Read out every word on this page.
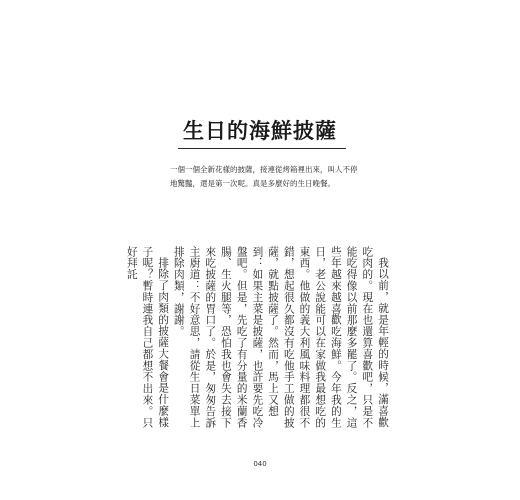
生日的海鮮披薩
一個一個全新花樣的披薩，接連從烤箱裡出來，叫人不停
地驚豔，還是第一次呢。真是多麼好的生日晚餐。

我以前，就是年輕的時候，滿喜歡吃肉的。現在也還算喜歡吧，只是不能吃得像以前那麼多罷了。反之，這些年越來越喜歡吃海鮮。今年我的生日，老公說能可以在家做我最想吃的東西。他做的義大利風味料理都很不錯，想起很久都沒有吃他手工做的披薩，就點披薩了。然而，馬上又想到：如果主菜是披薩，也許要先吃冷盤吧。但是，先吃了有分量的米蘭香腸、生火腿等，恐怕我也會失去接下來吃披薩的胃口了。於是，匆匆告訴主廚道：不好意思，請從生日菜單上排除肉類，謝謝。

排除了肉類的披薩大餐會是什麼樣子呢？暫時連我自己都想不出來。只好拜託

040
